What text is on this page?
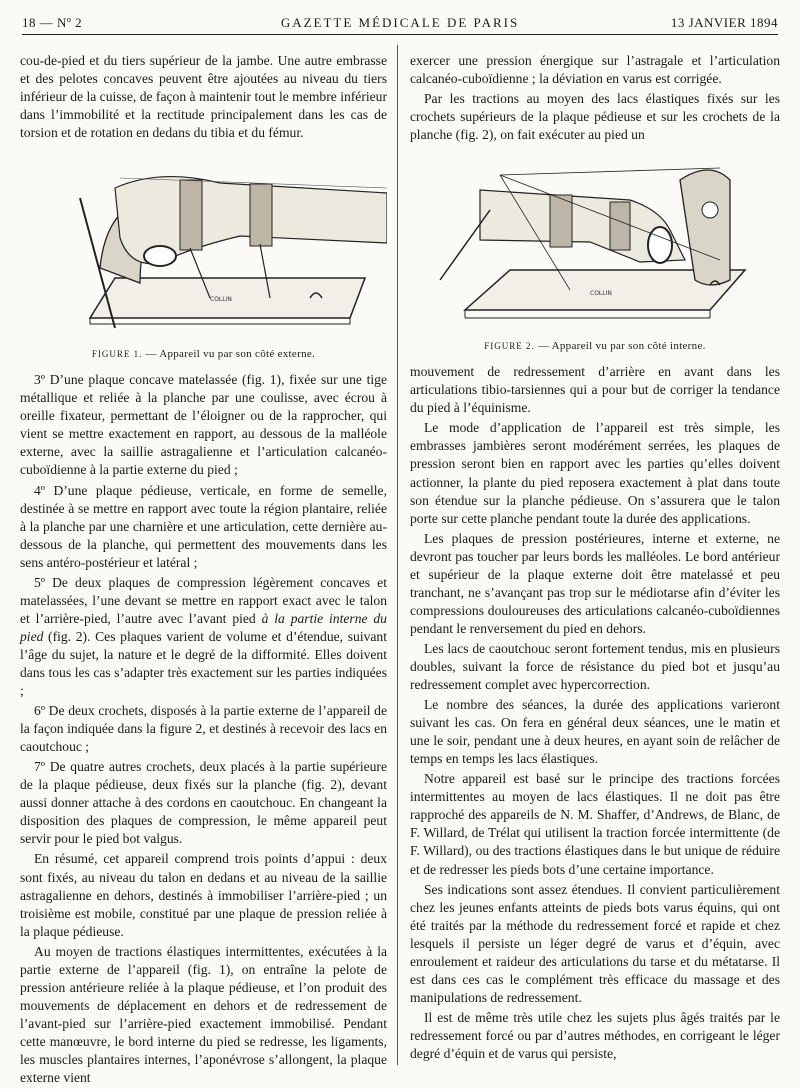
18 — Nº 2	GAZETTE MÉDICALE DE PARIS	13 JANVIER 1894

cou-de-pied et du tiers supérieur de la jambe. Une autre embrasse et des pelotes concaves peuvent être ajoutées au niveau du tiers inférieur de la cuisse, de façon à maintenir tout le membre inférieur dans l’immobilité et la rectitude principalement dans les cas de torsion et de rotation en dedans du tibia et du fémur.

COLLIN
FIGURE 1. — Appareil vu par son côté externe.

3º D’une plaque concave matelassée (fig. 1), fixée sur une tige métallique et reliée à la planche par une coulisse, avec écrou à oreille fixateur, permettant de l’éloigner ou de la rapprocher, qui vient se mettre exactement en rapport, au dessous de la malléole externe, avec la saillie astragalienne et l’articulation calcanéo-cuboïdienne à la partie externe du pied ;

4º D’une plaque pédieuse, verticale, en forme de semelle, destinée à se mettre en rapport avec toute la région plantaire, reliée à la planche par une charnière et une articulation, cette dernière au-dessous de la planche, qui permettent des mouvements dans les sens antéro-postérieur et latéral ;

5º De deux plaques de compression légèrement concaves et matelassées, l’une devant se mettre en rapport exact avec le talon et l’arrière-pied, l’autre avec l’avant pied à la partie interne du pied (fig. 2). Ces plaques varient de volume et d’étendue, suivant l’âge du sujet, la nature et le degré de la difformité. Elles doivent dans tous les cas s’adapter très exactement sur les parties indiquées ;

6º De deux crochets, disposés à la partie externe de l’appareil de la façon indiquée dans la figure 2, et destinés à recevoir des lacs en caoutchouc ;

7º De quatre autres crochets, deux placés à la partie supérieure de la plaque pédieuse, deux fixés sur la planche (fig. 2), devant aussi donner attache à des cordons en caoutchouc. En changeant la disposition des plaques de compression, le même appareil peut servir pour le pied bot valgus.

En résumé, cet appareil comprend trois points d’appui : deux sont fixés, au niveau du talon en dedans et au niveau de la saillie astragalienne en dehors, destinés à immobiliser l’arrière-pied ; un troisième est mobile, constitué par une plaque de pression reliée à la plaque pédieuse.

Au moyen de tractions élastiques intermittentes, exécutées à la partie externe de l’appareil (fig. 1), on entraîne la pelote de pression antérieure reliée à la plaque pédieuse, et l’on produit des mouvements de déplacement en dehors et de redressement de l’avant-pied sur l’arrière-pied exactement immobilisé. Pendant cette manœuvre, le bord interne du pied se redresse, les ligaments, les muscles plantaires internes, l’aponévrose s’allongent, la plaque externe vient

exercer une pression énergique sur l’astragale et l’articulation calcanéo-cuboïdienne ; la déviation en varus est corrigée.

Par les tractions au moyen des lacs élastiques fixés sur les crochets supérieurs de la plaque pédieuse et sur les crochets de la planche (fig. 2), on fait exécuter au pied un

COLLIN
FIGURE 2. — Appareil vu par son côté interne.

mouvement de redressement d’arrière en avant dans les articulations tibio-tarsiennes qui a pour but de corriger la tendance du pied à l’équinisme.

Le mode d’application de l’appareil est très simple, les embrasses jambières seront modérément serrées, les plaques de pression seront bien en rapport avec les parties qu’elles doivent actionner, la plante du pied reposera exactement à plat dans toute son étendue sur la planche pédieuse. On s’assurera que le talon porte sur cette planche pendant toute la durée des applications.

Les plaques de pression postérieures, interne et externe, ne devront pas toucher par leurs bords les malléoles. Le bord antérieur et supérieur de la plaque externe doit être matelassé et peu tranchant, ne s’avançant pas trop sur le médiotarse afin d’éviter les compressions douloureuses des articulations calcanéo-cuboïdiennes pendant le renversement du pied en dehors.

Les lacs de caoutchouc seront fortement tendus, mis en plusieurs doubles, suivant la force de résistance du pied bot et jusqu’au redressement complet avec hypercorrection.

Le nombre des séances, la durée des applications varieront suivant les cas. On fera en général deux séances, une le matin et une le soir, pendant une à deux heures, en ayant soin de relâcher de temps en temps les lacs élastiques.

Notre appareil est basé sur le principe des tractions forcées intermittentes au moyen de lacs élastiques. Il ne doit pas être rapproché des appareils de N. M. Shaffer, d’Andrews, de Blanc, de F. Willard, de Trélat qui utilisent la traction forcée intermittente (de F. Willard), ou des tractions élastiques dans le but unique de réduire et de redresser les pieds bots d’une certaine importance.

Ses indications sont assez étendues. Il convient particulièrement chez les jeunes enfants atteints de pieds bots varus équins, qui ont été traités par la méthode du redressement forcé et rapide et chez lesquels il persiste un léger degré de varus et d’équin, avec enroulement et raideur des articulations du tarse et du métatarse. Il est dans ces cas le complément très efficace du massage et des manipulations de redressement.

Il est de même très utile chez les sujets plus âgés traités par le redressement forcé ou par d’autres méthodes, en corrigeant le léger degré d’équin et de varus qui persiste,
